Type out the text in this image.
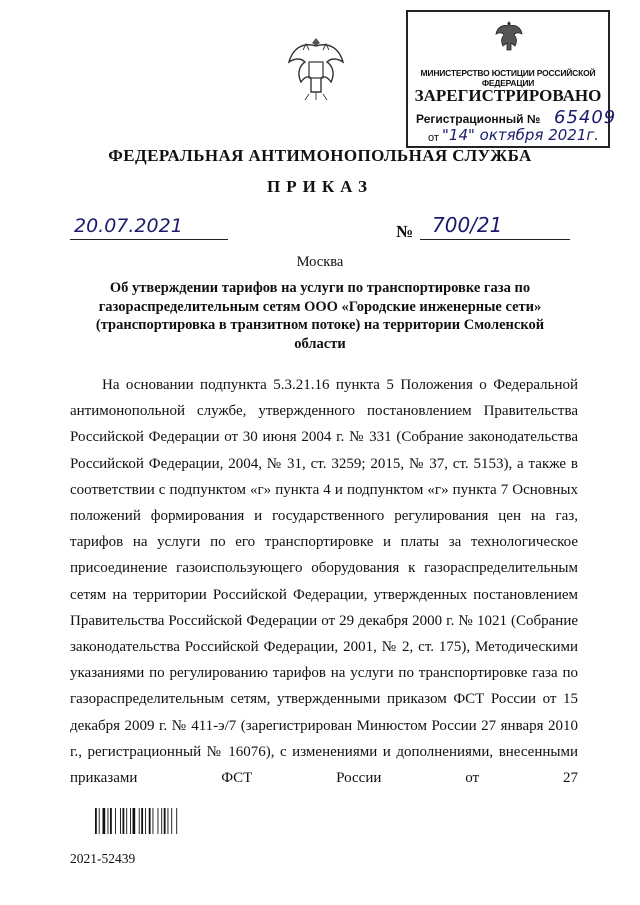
МИНИСТЕРСТВО ЮСТИЦИИ РОССИЙСКОЙ ФЕДЕРАЦИИ
ЗАРЕГИСТРИРОВАНО
Регистрационный № 65409
от "14" октября 2021г.
ФЕДЕРАЛЬНАЯ АНТИМОНОПОЛЬНАЯ СЛУЖБА
ПРИКАЗ
20.07.2021	№ 700/21
Москва
Об утверждении тарифов на услуги по транспортировке газа по газораспределительным сетям ООО «Городские инженерные сети» (транспортировка в транзитном потоке) на территории Смоленской области

На основании подпункта 5.3.21.16 пункта 5 Положения о Федеральной антимонопольной службе, утвержденного постановлением Правительства Российской Федерации от 30 июня 2004 г. № 331 (Собрание законодательства Российской Федерации, 2004, № 31, ст. 3259; 2015, № 37, ст. 5153), а также в соответствии с подпунктом «г» пункта 4 и подпунктом «г» пункта 7 Основных положений формирования и государственного регулирования цен на газ, тарифов на услуги по его транспортировке и платы за технологическое присоединение газоиспользующего оборудования к газораспределительным сетям на территории Российской Федерации, утвержденных постановлением Правительства Российской Федерации от 29 декабря 2000 г. № 1021 (Собрание законодательства Российской Федерации, 2001, № 2, ст. 175), Методическими указаниями по регулированию тарифов на услуги по транспортировке газа по газораспределительным сетям, утвержденными приказом ФСТ России от 15 декабря 2009 г. № 411-э/7 (зарегистрирован Минюстом России 27 января 2010 г., регистрационный № 16076), с изменениями и дополнениями, внесенными приказами ФСТ России от 27

2021-52439
